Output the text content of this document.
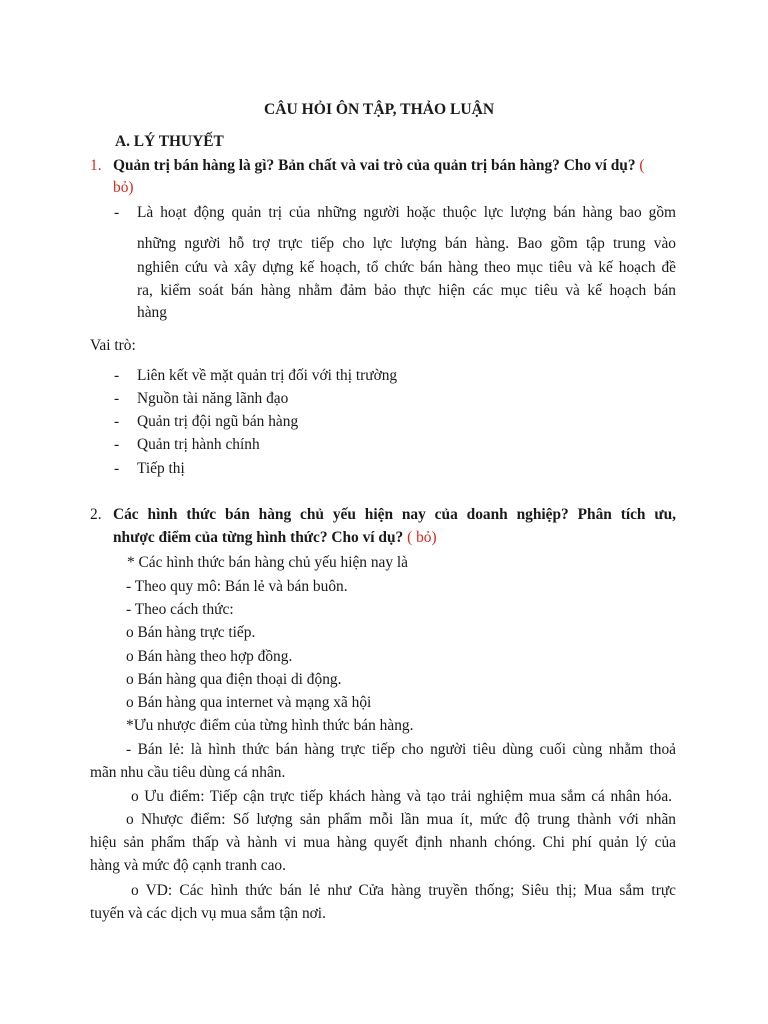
CÂU HỎI ÔN TẬP, THẢO LUẬN
A. LÝ THUYẾT
1. Quản trị bán hàng là gì? Bản chất và vai trò của quản trị bán hàng? Cho ví dụ? (
bỏ)
- Là hoạt động quản trị của những người hoặc thuộc lực lượng bán hàng bao gồm
những người hỗ trợ trực tiếp cho lực lượng bán hàng. Bao gồm tập trung vào
nghiên cứu và xây dựng kế hoạch, tổ chức bán hàng theo mục tiêu và kế hoạch đề
ra, kiểm soát bán hàng nhằm đảm bảo thực hiện các mục tiêu và kế hoạch bán
hàng
Vai trò:
- Liên kết về mặt quản trị đối với thị trường
- Nguồn tài năng lãnh đạo
- Quản trị đội ngũ bán hàng
- Quản trị hành chính
- Tiếp thị
2. Các hình thức bán hàng chủ yếu hiện nay của doanh nghiệp? Phân tích ưu,
nhược điểm của từng hình thức? Cho ví dụ? ( bỏ)
* Các hình thức bán hàng chủ yếu hiện nay là
- Theo quy mô: Bán lẻ và bán buôn.
- Theo cách thức:
o Bán hàng trực tiếp.
o Bán hàng theo hợp đồng.
o Bán hàng qua điện thoại di động.
o Bán hàng qua internet và mạng xã hội
*Ưu nhược điểm của từng hình thức bán hàng.
- Bán lẻ: là hình thức bán hàng trực tiếp cho người tiêu dùng cuối cùng nhằm thoả
mãn nhu cầu tiêu dùng cá nhân.
o Ưu điểm: Tiếp cận trực tiếp khách hàng và tạo trải nghiệm mua sắm cá nhân hóa.
o Nhược điểm: Số lượng sản phẩm mỗi lần mua ít, mức độ trung thành với nhãn
hiệu sản phẩm thấp và hành vi mua hàng quyết định nhanh chóng. Chi phí quản lý của
hàng và mức độ cạnh tranh cao.
o VD: Các hình thức bán lẻ như Cửa hàng truyền thống; Siêu thị; Mua sắm trực
tuyến và các dịch vụ mua sắm tận nơi.
